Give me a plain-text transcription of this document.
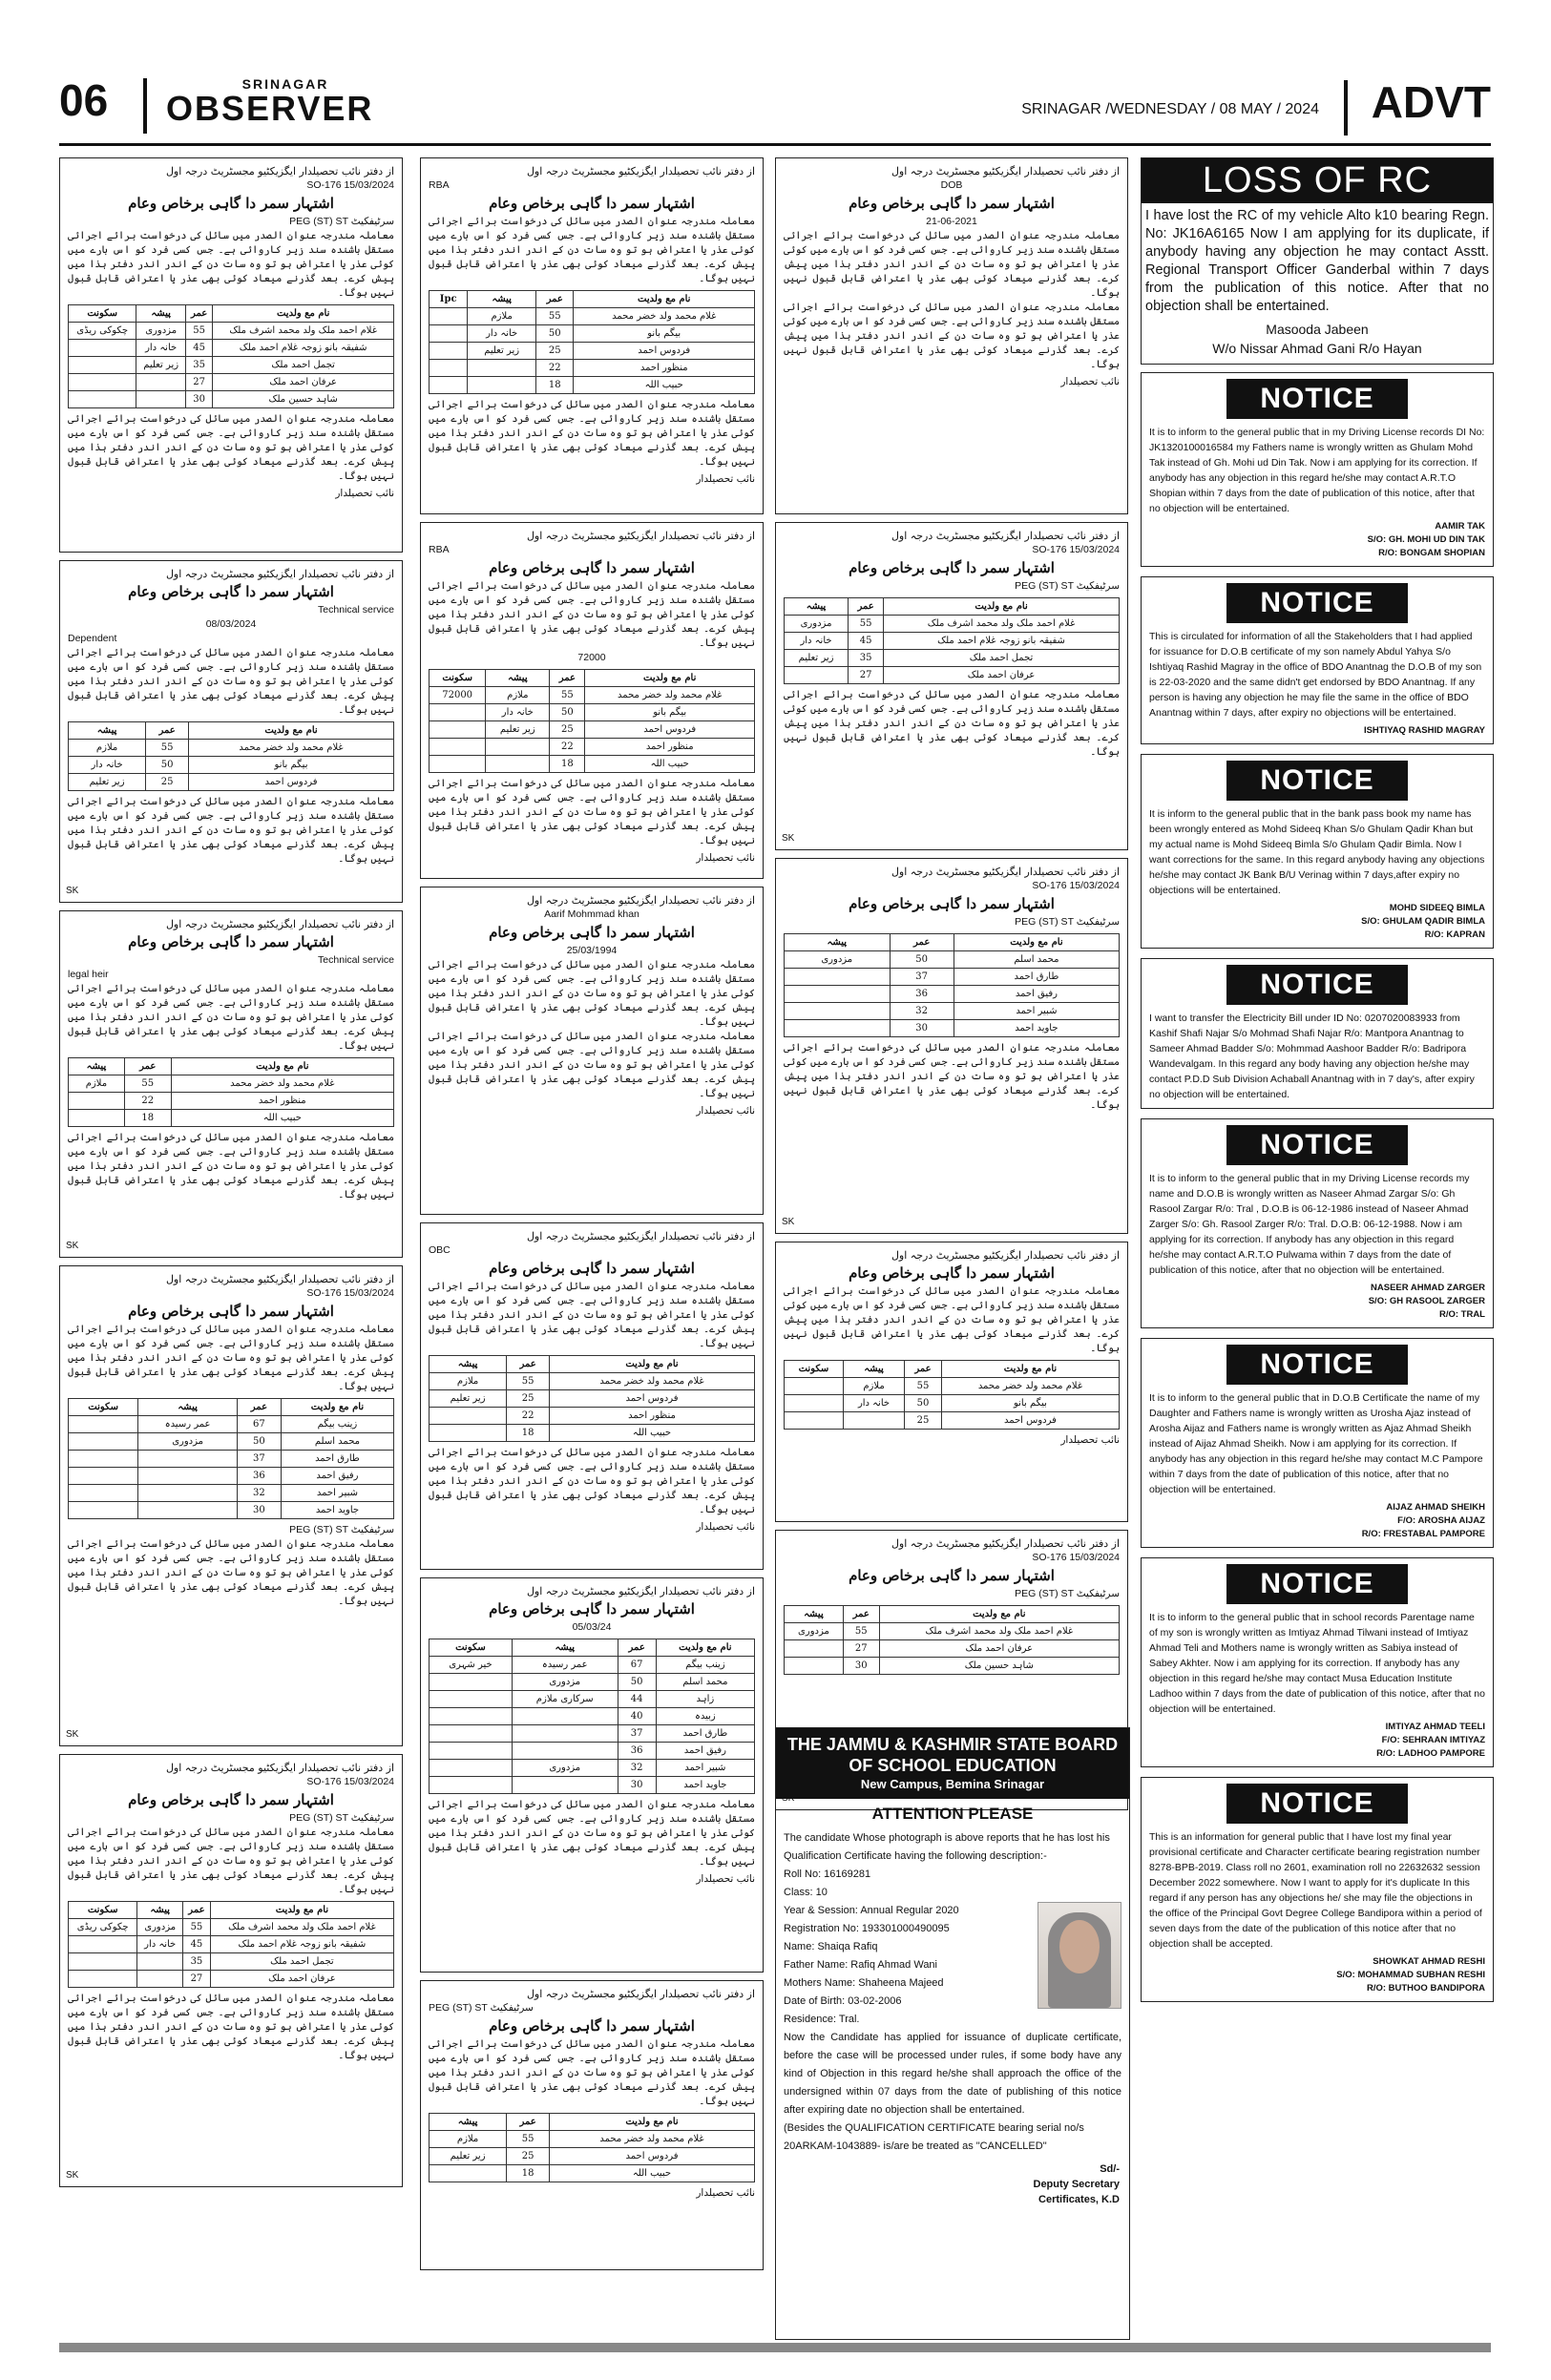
06	SRINAGAR
OBSERVER	SRINAGAR /WEDNESDAY / 08 MAY / 2024 ADVT
از دفتر نائب تحصیلدار ایگزیکٹیو مجسٹریٹ درجہ اول
SO-176 15/03/2024
اشتہار سمر دا گاہی برخاص وعام
PEG (ST) ST سرٹیفکیٹ
معاملہ مندرجہ عنوان الصدر میں سائل کی درخواست برائے اجرائی مستقل باشندہ سند زیر کاروائی ہے۔ جس کسی فرد کو اس بارے میں کوئی عذر یا اعتراض ہو تو وہ سات دن کے اندر اندر دفتر ہذا میں پیش کرے۔ بعد گذرنے میعاد کوئی بھی عذر یا اعتراض قابل قبول نہیں ہوگا۔
نام مع ولدیت	عمر	پیشہ	سکونت
غلام احمد ملک ولد محمد اشرف ملک	55	مزدوری	چکوکی ریڈی
شفیقہ بانو زوجہ غلام احمد ملک	45	خانہ دار	
تجمل احمد ملک	35	زیر تعلیم	
عرفان احمد ملک	27		
شاہد حسین ملک	30		
معاملہ مندرجہ عنوان الصدر میں سائل کی درخواست برائے اجرائی مستقل باشندہ سند زیر کاروائی ہے۔ جس کسی فرد کو اس بارے میں کوئی عذر یا اعتراض ہو تو وہ سات دن کے اندر اندر دفتر ہذا میں پیش کرے۔ بعد گذرنے میعاد کوئی بھی عذر یا اعتراض قابل قبول نہیں ہوگا۔
نائب تحصیلدار
از دفتر نائب تحصیلدار ایگزیکٹیو مجسٹریٹ درجہ اول
اشتہار سمر دا گاہی برخاص وعام
Technical service
08/03/2024
Dependent
معاملہ مندرجہ عنوان الصدر میں سائل کی درخواست برائے اجرائی مستقل باشندہ سند زیر کاروائی ہے۔ جس کسی فرد کو اس بارے میں کوئی عذر یا اعتراض ہو تو وہ سات دن کے اندر اندر دفتر ہذا میں پیش کرے۔ بعد گذرنے میعاد کوئی بھی عذر یا اعتراض قابل قبول نہیں ہوگا۔
نام مع ولدیت	عمر	پیشہ
غلام محمد ولد خضر محمد	55	ملازم
بیگم بانو	50	خانہ دار
فردوس احمد	25	زیر تعلیم
معاملہ مندرجہ عنوان الصدر میں سائل کی درخواست برائے اجرائی مستقل باشندہ سند زیر کاروائی ہے۔ جس کسی فرد کو اس بارے میں کوئی عذر یا اعتراض ہو تو وہ سات دن کے اندر اندر دفتر ہذا میں پیش کرے۔ بعد گذرنے میعاد کوئی بھی عذر یا اعتراض قابل قبول نہیں ہوگا۔
SK
از دفتر نائب تحصیلدار ایگزیکٹیو مجسٹریٹ درجہ اول
اشتہار سمر دا گاہی برخاص وعام
Technical service
legal heir
معاملہ مندرجہ عنوان الصدر میں سائل کی درخواست برائے اجرائی مستقل باشندہ سند زیر کاروائی ہے۔ جس کسی فرد کو اس بارے میں کوئی عذر یا اعتراض ہو تو وہ سات دن کے اندر اندر دفتر ہذا میں پیش کرے۔ بعد گذرنے میعاد کوئی بھی عذر یا اعتراض قابل قبول نہیں ہوگا۔
نام مع ولدیت	عمر	پیشہ
غلام محمد ولد خضر محمد	55	ملازم
منظور احمد	22	
حبیب اللہ	18	
معاملہ مندرجہ عنوان الصدر میں سائل کی درخواست برائے اجرائی مستقل باشندہ سند زیر کاروائی ہے۔ جس کسی فرد کو اس بارے میں کوئی عذر یا اعتراض ہو تو وہ سات دن کے اندر اندر دفتر ہذا میں پیش کرے۔ بعد گذرنے میعاد کوئی بھی عذر یا اعتراض قابل قبول نہیں ہوگا۔
SK
از دفتر نائب تحصیلدار ایگزیکٹیو مجسٹریٹ درجہ اول
SO-176 15/03/2024
اشتہار سمر دا گاہی برخاص وعام
معاملہ مندرجہ عنوان الصدر میں سائل کی درخواست برائے اجرائی مستقل باشندہ سند زیر کاروائی ہے۔ جس کسی فرد کو اس بارے میں کوئی عذر یا اعتراض ہو تو وہ سات دن کے اندر اندر دفتر ہذا میں پیش کرے۔ بعد گذرنے میعاد کوئی بھی عذر یا اعتراض قابل قبول نہیں ہوگا۔
نام مع ولدیت	عمر	پیشہ	سکونت
زینب بیگم	67	عمر رسیدہ	
محمد اسلم	50	مزدوری	
طارق احمد	37		
رفیق احمد	36		
شبیر احمد	32		
جاوید احمد	30		
PEG (ST) ST سرٹیفکیٹ
معاملہ مندرجہ عنوان الصدر میں سائل کی درخواست برائے اجرائی مستقل باشندہ سند زیر کاروائی ہے۔ جس کسی فرد کو اس بارے میں کوئی عذر یا اعتراض ہو تو وہ سات دن کے اندر اندر دفتر ہذا میں پیش کرے۔ بعد گذرنے میعاد کوئی بھی عذر یا اعتراض قابل قبول نہیں ہوگا۔
SK
از دفتر نائب تحصیلدار ایگزیکٹیو مجسٹریٹ درجہ اول
SO-176 15/03/2024
اشتہار سمر دا گاہی برخاص وعام
PEG (ST) ST سرٹیفکیٹ
معاملہ مندرجہ عنوان الصدر میں سائل کی درخواست برائے اجرائی مستقل باشندہ سند زیر کاروائی ہے۔ جس کسی فرد کو اس بارے میں کوئی عذر یا اعتراض ہو تو وہ سات دن کے اندر اندر دفتر ہذا میں پیش کرے۔ بعد گذرنے میعاد کوئی بھی عذر یا اعتراض قابل قبول نہیں ہوگا۔
نام مع ولدیت	عمر	پیشہ	سکونت
غلام احمد ملک ولد محمد اشرف ملک	55	مزدوری	چکوکی ریڈی
شفیقہ بانو زوجہ غلام احمد ملک	45	خانہ دار	
تجمل احمد ملک	35		
عرفان احمد ملک	27		
معاملہ مندرجہ عنوان الصدر میں سائل کی درخواست برائے اجرائی مستقل باشندہ سند زیر کاروائی ہے۔ جس کسی فرد کو اس بارے میں کوئی عذر یا اعتراض ہو تو وہ سات دن کے اندر اندر دفتر ہذا میں پیش کرے۔ بعد گذرنے میعاد کوئی بھی عذر یا اعتراض قابل قبول نہیں ہوگا۔
SK
از دفتر نائب تحصیلدار ایگزیکٹیو مجسٹریٹ درجہ اول
RBA
اشتہار سمر دا گاہی برخاص وعام
معاملہ مندرجہ عنوان الصدر میں سائل کی درخواست برائے اجرائی مستقل باشندہ سند زیر کاروائی ہے۔ جس کسی فرد کو اس بارے میں کوئی عذر یا اعتراض ہو تو وہ سات دن کے اندر اندر دفتر ہذا میں پیش کرے۔ بعد گذرنے میعاد کوئی بھی عذر یا اعتراض قابل قبول نہیں ہوگا۔
نام مع ولدیت	عمر	پیشہ	Ipc
غلام محمد ولد خضر محمد	55	ملازم	
بیگم بانو	50	خانہ دار	
فردوس احمد	25	زیر تعلیم	
منظور احمد	22		
حبیب اللہ	18		
معاملہ مندرجہ عنوان الصدر میں سائل کی درخواست برائے اجرائی مستقل باشندہ سند زیر کاروائی ہے۔ جس کسی فرد کو اس بارے میں کوئی عذر یا اعتراض ہو تو وہ سات دن کے اندر اندر دفتر ہذا میں پیش کرے۔ بعد گذرنے میعاد کوئی بھی عذر یا اعتراض قابل قبول نہیں ہوگا۔
نائب تحصیلدار
از دفتر نائب تحصیلدار ایگزیکٹیو مجسٹریٹ درجہ اول
RBA
اشتہار سمر دا گاہی برخاص وعام
معاملہ مندرجہ عنوان الصدر میں سائل کی درخواست برائے اجرائی مستقل باشندہ سند زیر کاروائی ہے۔ جس کسی فرد کو اس بارے میں کوئی عذر یا اعتراض ہو تو وہ سات دن کے اندر اندر دفتر ہذا میں پیش کرے۔ بعد گذرنے میعاد کوئی بھی عذر یا اعتراض قابل قبول نہیں ہوگا۔
72000
نام مع ولدیت	عمر	پیشہ	سکونت
غلام محمد ولد خضر محمد	55	ملازم	72000
بیگم بانو	50	خانہ دار	
فردوس احمد	25	زیر تعلیم	
منظور احمد	22		
حبیب اللہ	18		
معاملہ مندرجہ عنوان الصدر میں سائل کی درخواست برائے اجرائی مستقل باشندہ سند زیر کاروائی ہے۔ جس کسی فرد کو اس بارے میں کوئی عذر یا اعتراض ہو تو وہ سات دن کے اندر اندر دفتر ہذا میں پیش کرے۔ بعد گذرنے میعاد کوئی بھی عذر یا اعتراض قابل قبول نہیں ہوگا۔
نائب تحصیلدار
از دفتر نائب تحصیلدار ایگزیکٹیو مجسٹریٹ درجہ اول
Aarif Mohmmad khan
اشتہار سمر دا گاہی برخاص وعام
25/03/1994
معاملہ مندرجہ عنوان الصدر میں سائل کی درخواست برائے اجرائی مستقل باشندہ سند زیر کاروائی ہے۔ جس کسی فرد کو اس بارے میں کوئی عذر یا اعتراض ہو تو وہ سات دن کے اندر اندر دفتر ہذا میں پیش کرے۔ بعد گذرنے میعاد کوئی بھی عذر یا اعتراض قابل قبول نہیں ہوگا۔
معاملہ مندرجہ عنوان الصدر میں سائل کی درخواست برائے اجرائی مستقل باشندہ سند زیر کاروائی ہے۔ جس کسی فرد کو اس بارے میں کوئی عذر یا اعتراض ہو تو وہ سات دن کے اندر اندر دفتر ہذا میں پیش کرے۔ بعد گذرنے میعاد کوئی بھی عذر یا اعتراض قابل قبول نہیں ہوگا۔
نائب تحصیلدار
از دفتر نائب تحصیلدار ایگزیکٹیو مجسٹریٹ درجہ اول
OBC
اشتہار سمر دا گاہی برخاص وعام
معاملہ مندرجہ عنوان الصدر میں سائل کی درخواست برائے اجرائی مستقل باشندہ سند زیر کاروائی ہے۔ جس کسی فرد کو اس بارے میں کوئی عذر یا اعتراض ہو تو وہ سات دن کے اندر اندر دفتر ہذا میں پیش کرے۔ بعد گذرنے میعاد کوئی بھی عذر یا اعتراض قابل قبول نہیں ہوگا۔
نام مع ولدیت	عمر	پیشہ
غلام محمد ولد خضر محمد	55	ملازم
فردوس احمد	25	زیر تعلیم
منظور احمد	22	
حبیب اللہ	18	
معاملہ مندرجہ عنوان الصدر میں سائل کی درخواست برائے اجرائی مستقل باشندہ سند زیر کاروائی ہے۔ جس کسی فرد کو اس بارے میں کوئی عذر یا اعتراض ہو تو وہ سات دن کے اندر اندر دفتر ہذا میں پیش کرے۔ بعد گذرنے میعاد کوئی بھی عذر یا اعتراض قابل قبول نہیں ہوگا۔
نائب تحصیلدار
از دفتر نائب تحصیلدار ایگزیکٹیو مجسٹریٹ درجہ اول
اشتہار سمر دا گاہی برخاص وعام
05/03/24
نام مع ولدیت	عمر	پیشہ	سکونت
زینب بیگم	67	عمر رسیدہ	خیر شہری
محمد اسلم	50	مزدوری	
زاہد	44	سرکاری ملازم	
زبیدہ	40		
طارق احمد	37		
رفیق احمد	36		
شبیر احمد	32	مزدوری	
جاوید احمد	30		
معاملہ مندرجہ عنوان الصدر میں سائل کی درخواست برائے اجرائی مستقل باشندہ سند زیر کاروائی ہے۔ جس کسی فرد کو اس بارے میں کوئی عذر یا اعتراض ہو تو وہ سات دن کے اندر اندر دفتر ہذا میں پیش کرے۔ بعد گذرنے میعاد کوئی بھی عذر یا اعتراض قابل قبول نہیں ہوگا۔
نائب تحصیلدار
از دفتر نائب تحصیلدار ایگزیکٹیو مجسٹریٹ درجہ اول
PEG (ST) ST سرٹیفکیٹ
اشتہار سمر دا گاہی برخاص وعام
معاملہ مندرجہ عنوان الصدر میں سائل کی درخواست برائے اجرائی مستقل باشندہ سند زیر کاروائی ہے۔ جس کسی فرد کو اس بارے میں کوئی عذر یا اعتراض ہو تو وہ سات دن کے اندر اندر دفتر ہذا میں پیش کرے۔ بعد گذرنے میعاد کوئی بھی عذر یا اعتراض قابل قبول نہیں ہوگا۔
نام مع ولدیت	عمر	پیشہ
غلام محمد ولد خضر محمد	55	ملازم
فردوس احمد	25	زیر تعلیم
حبیب اللہ	18	
نائب تحصیلدار
از دفتر نائب تحصیلدار ایگزیکٹیو مجسٹریٹ درجہ اول
DOB
اشتہار سمر دا گاہی برخاص وعام
21-06-2021
معاملہ مندرجہ عنوان الصدر میں سائل کی درخواست برائے اجرائی مستقل باشندہ سند زیر کاروائی ہے۔ جس کسی فرد کو اس بارے میں کوئی عذر یا اعتراض ہو تو وہ سات دن کے اندر اندر دفتر ہذا میں پیش کرے۔ بعد گذرنے میعاد کوئی بھی عذر یا اعتراض قابل قبول نہیں ہوگا۔
معاملہ مندرجہ عنوان الصدر میں سائل کی درخواست برائے اجرائی مستقل باشندہ سند زیر کاروائی ہے۔ جس کسی فرد کو اس بارے میں کوئی عذر یا اعتراض ہو تو وہ سات دن کے اندر اندر دفتر ہذا میں پیش کرے۔ بعد گذرنے میعاد کوئی بھی عذر یا اعتراض قابل قبول نہیں ہوگا۔
نائب تحصیلدار
از دفتر نائب تحصیلدار ایگزیکٹیو مجسٹریٹ درجہ اول
SO-176 15/03/2024
اشتہار سمر دا گاہی برخاص وعام
PEG (ST) ST سرٹیفکیٹ
نام مع ولدیت	عمر	پیشہ
غلام احمد ملک ولد محمد اشرف ملک	55	مزدوری
شفیقہ بانو زوجہ غلام احمد ملک	45	خانہ دار
تجمل احمد ملک	35	زیر تعلیم
عرفان احمد ملک	27	
معاملہ مندرجہ عنوان الصدر میں سائل کی درخواست برائے اجرائی مستقل باشندہ سند زیر کاروائی ہے۔ جس کسی فرد کو اس بارے میں کوئی عذر یا اعتراض ہو تو وہ سات دن کے اندر اندر دفتر ہذا میں پیش کرے۔ بعد گذرنے میعاد کوئی بھی عذر یا اعتراض قابل قبول نہیں ہوگا۔
SK
از دفتر نائب تحصیلدار ایگزیکٹیو مجسٹریٹ درجہ اول
SO-176 15/03/2024
اشتہار سمر دا گاہی برخاص وعام
PEG (ST) ST سرٹیفکیٹ
نام مع ولدیت	عمر	پیشہ
محمد اسلم	50	مزدوری
طارق احمد	37	
رفیق احمد	36	
شبیر احمد	32	
جاوید احمد	30	
معاملہ مندرجہ عنوان الصدر میں سائل کی درخواست برائے اجرائی مستقل باشندہ سند زیر کاروائی ہے۔ جس کسی فرد کو اس بارے میں کوئی عذر یا اعتراض ہو تو وہ سات دن کے اندر اندر دفتر ہذا میں پیش کرے۔ بعد گذرنے میعاد کوئی بھی عذر یا اعتراض قابل قبول نہیں ہوگا۔
SK
از دفتر نائب تحصیلدار ایگزیکٹیو مجسٹریٹ درجہ اول
اشتہار سمر دا گاہی برخاص وعام
معاملہ مندرجہ عنوان الصدر میں سائل کی درخواست برائے اجرائی مستقل باشندہ سند زیر کاروائی ہے۔ جس کسی فرد کو اس بارے میں کوئی عذر یا اعتراض ہو تو وہ سات دن کے اندر اندر دفتر ہذا میں پیش کرے۔ بعد گذرنے میعاد کوئی بھی عذر یا اعتراض قابل قبول نہیں ہوگا۔
نام مع ولدیت	عمر	پیشہ	سکونت
غلام محمد ولد خضر محمد	55	ملازم	
بیگم بانو	50	خانہ دار	
فردوس احمد	25		
نائب تحصیلدار
از دفتر نائب تحصیلدار ایگزیکٹیو مجسٹریٹ درجہ اول
SO-176 15/03/2024
اشتہار سمر دا گاہی برخاص وعام
PEG (ST) ST سرٹیفکیٹ
نام مع ولدیت	عمر	پیشہ
غلام احمد ملک ولد محمد اشرف ملک	55	مزدوری
عرفان احمد ملک	27	
شاہد حسین ملک	30	
THE JAMMU & KASHMIR STATE BOARD OF SCHOOL EDUCATION
New Campus, Bemina Srinagar
ATTENTION PLEASE
The candidate Whose photograph is above reports that he has lost his Qualification Certificate having the following description:-
Roll No: 16169281
Class: 10
Year & Session: Annual Regular 2020
Registration No: 193301000490095
Name: Shaiqa Rafiq
Father Name: Rafiq Ahmad Wani
Mothers Name: Shaheena Majeed
Date of Birth: 03-02-2006
Residence: Tral.
Now the Candidate has applied for issuance of duplicate certificate, before the case will be processed under rules, if some body have any kind of Objection in this regard he/she shall approach the office of the undersigned within 07 days from the date of publishing of this notice after expiring date no objection shall be entertained.
(Besides the QUALIFICATION CERTIFICATE bearing serial no/s 20ARKAM-1043889- is/are be treated as "CANCELLED"
Sd/-
Deputy Secretary
Certificates, K.D
LOSS OF RC
I have lost the RC of my vehicle Alto k10 bearing Regn. No: JK16A6165 Now I am applying for its duplicate, if anybody having any objection he may contact Asstt. Regional Transport Officer Ganderbal within 7 days from the publication of this notice. After that no objection shall be entertained.
Masooda Jabeen
W/o Nissar Ahmad Gani R/o Hayan
NOTICE
It is to inform to the general public that in my Driving License records DI No: JK1320100016584 my Fathers name is wrongly written as Ghulam Mohd Tak instead of Gh. Mohi ud Din Tak. Now i am applying for its correction. If anybody has any objection in this regard he/she may contact A.R.T.O Shopian within 7 days from the date of publication of this notice, after that no objection will be entertained.
AAMIR TAK
S/O: GH. MOHI UD DIN TAK
R/O: BONGAM SHOPIAN
NOTICE
This is circulated for information of all the Stakeholders that I had applied for issuance for D.O.B certificate of my son namely Abdul Yahya S/o Ishtiyaq Rashid Magray in the office of BDO Anantnag the D.O.B of my son is 22-03-2020 and the same didn't get endorsed by BDO Anantnag. If any person is having any objection he may file the same in the office of BDO Anantnag within 7 days, after expiry no objections will be entertained.
ISHTIYAQ RASHID MAGRAY
NOTICE
It is inform to the general public that in the bank pass book my name has been wrongly entered as Mohd Sideeq Khan S/o Ghulam Qadir Khan but my actual name is Mohd Sideeq Bimla S/o Ghulam Qadir Bimla. Now I want corrections for the same. In this regard anybody having any objections he/she may contact JK Bank B/U Verinag within 7 days,after expiry no objections will be entertained.
MOHD SIDEEQ BIMLA
S/O: GHULAM QADIR BIMLA
R/O: KAPRAN
NOTICE
I want to transfer the Electricity Bill under ID No: 0207020083933 from Kashif Shafi Najar S/o Mohmad Shafi Najar R/o: Mantpora Anantnag to Sameer Ahmad Badder S/o: Mohmmad Aashoor Badder R/o: Badripora Wandevalgam. In this regard any body having any objection he/she may contact P.D.D Sub Division Achaball Anantnag with in 7 day's, after expiry no objection will be entertained.
NOTICE
It is to inform to the general public that in my Driving License records my name and D.O.B is wrongly written as Naseer Ahmad Zargar S/o: Gh Rasool Zargar R/o: Tral , D.O.B is 06-12-1986 instead of Naseer Ahmad Zarger S/o: Gh. Rasool Zarger R/o: Tral. D.O.B: 06-12-1988. Now i am applying for its correction. If anybody has any objection in this regard he/she may contact A.R.T.O Pulwama within 7 days from the date of publication of this notice, after that no objection will be entertained.
NASEER AHMAD ZARGER
S/O: GH RASOOL ZARGER
R/O: TRAL
NOTICE
It is to inform to the general public that in D.O.B Certificate the name of my Daughter and Fathers name is wrongly written as Urosha Ajaz instead of Arosha Aijaz and Fathers name is wrongly written as Ajaz Ahmad Sheikh instead of Aijaz Ahmad Sheikh. Now i am applying for its correction. If anybody has any objection in this regard he/she may contact M.C Pampore within 7 days from the date of publication of this notice, after that no objection will be entertained.
AIJAZ AHMAD SHEIKH
F/O: AROSHA AIJAZ
R/O: FRESTABAL PAMPORE
NOTICE
It is to inform to the general public that in school records Parentage name of my son is wrongly written as Imtiyaz Ahmad Tilwani instead of Imtiyaz Ahmad Teli and Mothers name is wrongly written as Sabiya instead of Sabey Akhter. Now i am applying for its correction. If anybody has any objection in this regard he/she may contact Musa Education Institute Ladhoo within 7 days from the date of publication of this notice, after that no objection will be entertained.
IMTIYAZ AHMAD TEELI
F/O: SEHRAAN IMTIYAZ
R/O: LADHOO PAMPORE
NOTICE
This is an information for general public that I have lost my final year provisional certificate and Character certificate bearing registration number 8278-BPB-2019. Class roll no 2601, examination roll no 22632632 session December 2022 somewhere. Now I want to apply for it's duplicate In this regard if any person has any objections he/ she may file the objections in the office of the Principal Govt Degree College Bandipora within a period of seven days from the date of the publication of this notice after that no objection shall be accepted.
SHOWKAT AHMAD RESHI
S/O: MOHAMMAD SUBHAN RESHI
R/O: BUTHOO BANDIPORA
